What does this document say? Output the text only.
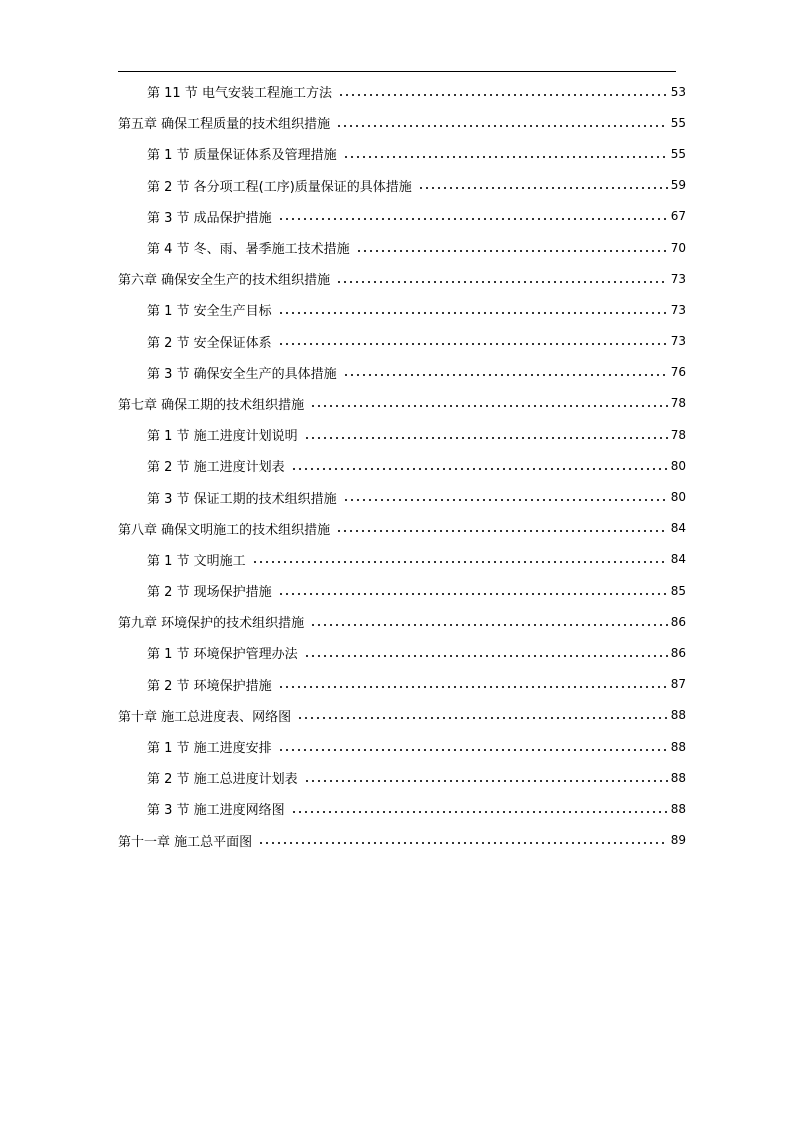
第 11 节 电气安装工程施工方法	53
第五章 确保工程质量的技术组织措施	55
第 1 节 质量保证体系及管理措施	55
第 2 节 各分项工程(工序)质量保证的具体措施	59
第 3 节 成品保护措施	67
第 4 节 冬、雨、暑季施工技术措施	70
第六章 确保安全生产的技术组织措施	73
第 1 节 安全生产目标	73
第 2 节 安全保证体系	73
第 3 节 确保安全生产的具体措施	76
第七章 确保工期的技术组织措施	78
第 1 节 施工进度计划说明	78
第 2 节 施工进度计划表	80
第 3 节 保证工期的技术组织措施	80
第八章 确保文明施工的技术组织措施	84
第 1 节 文明施工	84
第 2 节 现场保护措施	85
第九章 环境保护的技术组织措施	86
第 1 节 环境保护管理办法	86
第 2 节 环境保护措施	87
第十章 施工总进度表、网络图	88
第 1 节 施工进度安排	88
第 2 节 施工总进度计划表	88
第 3 节 施工进度网络图	88
第十一章 施工总平面图	89
